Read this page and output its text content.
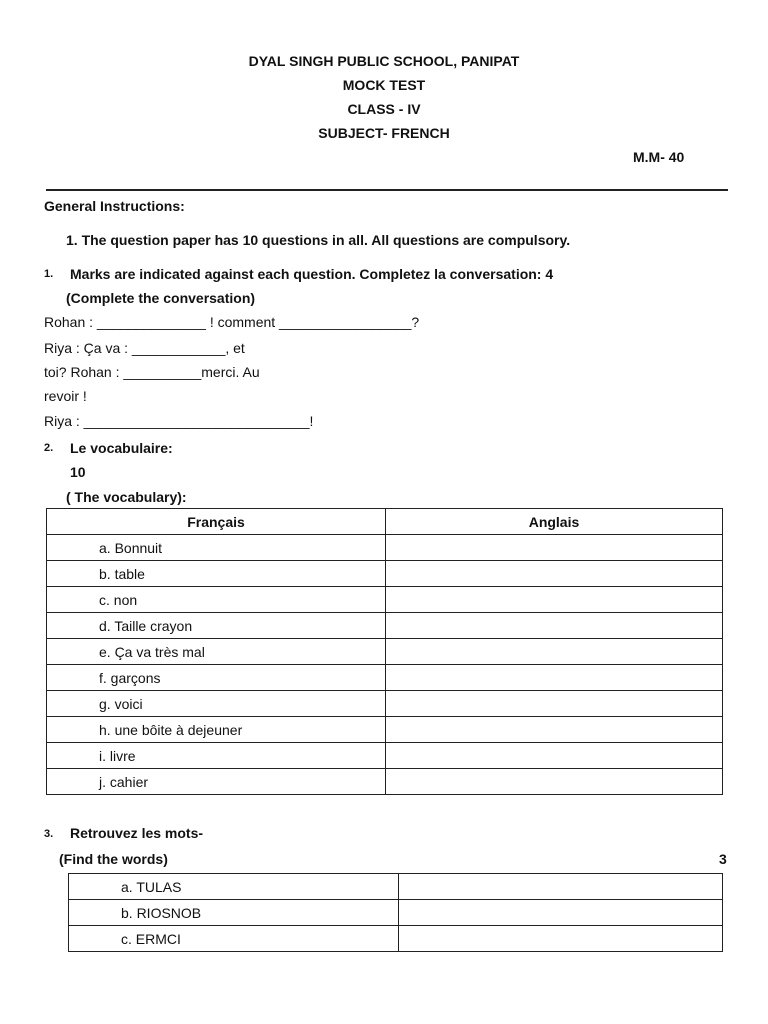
DYAL SINGH PUBLIC SCHOOL, PANIPAT
MOCK TEST
CLASS - IV
SUBJECT- FRENCH
M.M- 40
General Instructions:
1. The question paper has 10 questions in all. All questions are compulsory.
1. Marks are indicated against each question. Completez la conversation: 4
(Complete the conversation)
Rohan : ______________ ! comment _________________?
Riya : Ça va : ____________, et
toi? Rohan : __________merci. Au
revoir !
Riya : _____________________________!
2. Le vocabulaire:
10
( The vocabulary):
Français	Anglais
a. Bonnuit	
b. table	
c. non	
d. Taille crayon	
e. Ça va très mal	
f. garçons	
g. voici	
h. une bôite à dejeuner	
i. livre	
j. cahier	
3. Retrouvez les mots-
(Find the words)	3
a. TULAS	
b. RIOSNOB	
c. ERMCI	
